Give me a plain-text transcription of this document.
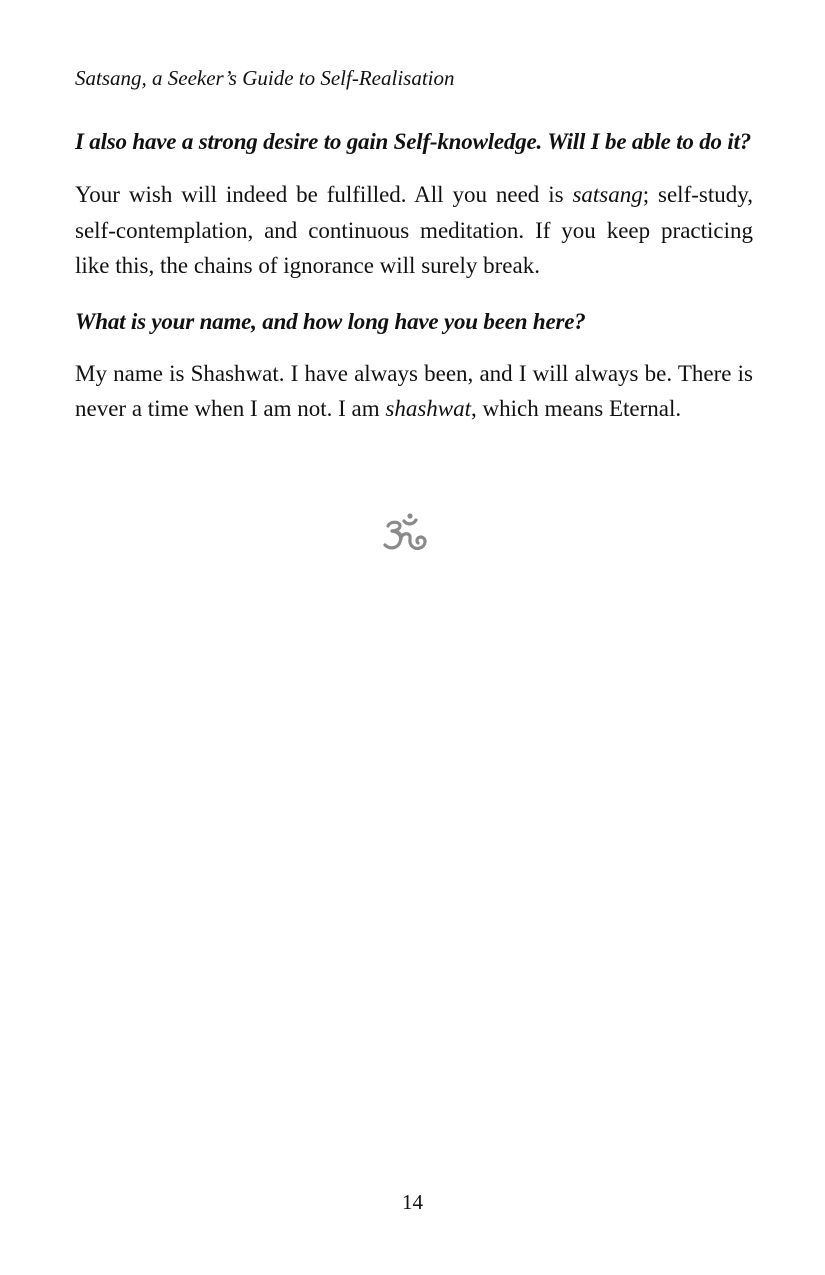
Satsang, a Seeker’s Guide to Self-Realisation

I also have a strong desire to gain Self-knowledge. Will I be able to do it?

Your wish will indeed be fulfilled. All you need is satsang; self-study, self-contemplation, and continuous meditation. If you keep practicing like this, the chains of ignorance will surely break.

What is your name, and how long have you been here?

My name is Shashwat. I have always been, and I will always be. There is never a time when I am not. I am shashwat, which means Eternal.

14
